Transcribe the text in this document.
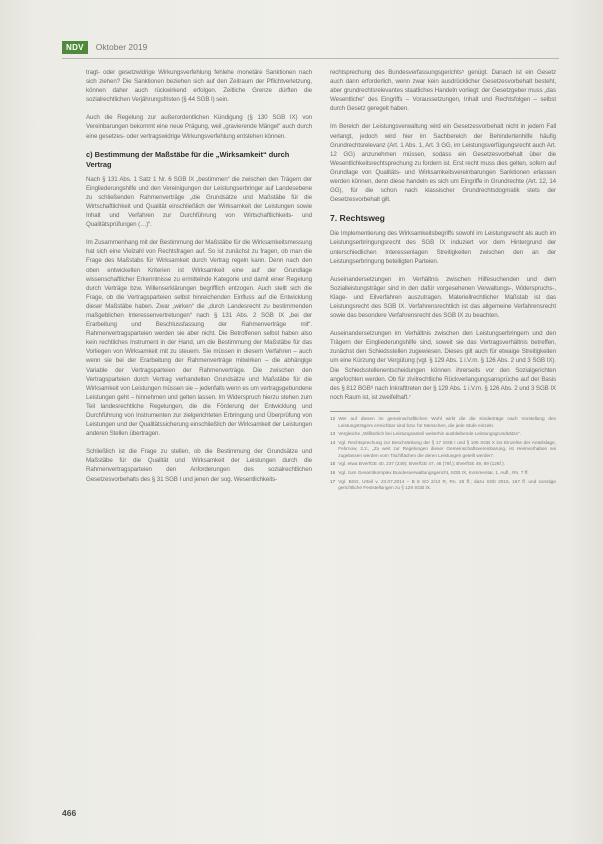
NDV	Oktober 2019

tragt- oder gesetzwidrige Wirkungsverfehlung fehlehe monetäre Sanktionen nach sich ziehen? Die Sanktionen beziehen sich auf den Zeitraum der Pflichtverletzung, können daher auch rückwirkend erfolgen. Zeitliche Grenze dürften die sozialrechtlichen Verjährungsfristen (§ 44 SGB I) sein.

Auch die Regelung zur außerordentlichen Kündigung (§ 130 SGB IX) von Vereinbarungen bekommt eine neue Prägung, weil „gravierende Mängel“ auch durch eine gesetzes- oder vertragswidrige Wirkungsverfehlung entstehen können.

c) Bestimmung der Maßstäbe für die „Wirksamkeit“ durch Vertrag

Nach § 131 Abs. 1 Satz 1 Nr. 6 SGB IX „bestimmen“ die zwischen den Trägern der Eingliederungshilfe und den Vereinigungen der Leistungserbringer auf Landesebene zu schließenden Rahmenverträge „die Grundsätze und Maßstäbe für die Wirtschaftlichkeit und Qualität einschließlich der Wirksamkeit der Leistungen sowie Inhalt und Verfahren zur Durchführung von Wirtschaftlichkeits- und Qualitätsprüfungen (…)“.

Im Zusammenhang mit der Bestimmung der Maßstäbe für die Wirksamkeitsmessung hat sich eine Vielzahl von Rechtsfragen auf. So ist zunächst zu fragen, ob man die Frage des Maßstabs für Wirksamkeit durch Vertrag regeln kann. Denn nach den oben entwickelten Kriterien ist Wirksamkeit eine auf der Grundlage wissenschaftlicher Erkenntnisse zu ermittelnde Kategorie und damit einer Regelung durch Verträge bzw. Willenserklärungen begrifflich entzogen. Auch stellt sich die Frage, ob die Vertragsparteien selbst hinreichenden Einfluss auf die Entwicklung dieser Maßstäbe haben. Zwar „wirken“ die „durch Landesrecht zu bestimmenden maßgeblichen Interessenvertretungen“ nach § 131 Abs. 2 SGB IX „bei der Erarbeitung und Beschlussfassung der Rahmenverträge mit“. Rahmenvertragsparteien werden sie aber nicht. Die Betroffenen selbst haben also kein rechtliches Instrument in der Hand, um die Bestimmung der Maßstäbe für das Vorliegen von Wirksamkeit mit zu steuern. Sie müssen in diesem Verfahren – auch wenn sie bei der Erarbeitung der Rahmenverträge mitwirken – die abhängige Variable der Vertragsparteien der Rahmenverträge. Die zwischen den Vertragsparteien durch Vertrag verhandelten Grundsätze und Maßstäbe für die Wirksamkeit von Leistungen müssen sie – jedenfalls wenn es um vertragsgebundene Leistungen geht – hinnehmen und gelten lassen. Im Widerspruch hierzu stehen zum Teil landesrechtliche Regelungen, die die Förderung der Entwicklung und Durchführung von Instrumenten zur zielgerichteten Erbringung und Überprüfung von Leistungen und der Qualitätssicherung einschließlich der Wirksamkeit der Leistungen anderen Stellen übertragen.

Schließlich ist die Frage zu stellen, ob die Bestimmung der Grundsätze und Maßstäbe für die Qualität und Wirksamkeit der Leistungen durch die Rahmenvertragsparteien den Anforderungen des sozialrechtlichen Gesetzesvorbehalts des § 31 SGB I und jenen der sog. Wesentlichkeits-

rechtsprechung des Bundesverfassungsgerichts⁵ genügt. Danach ist ein Gesetz auch dann erforderlich, wenn zwar kein ausdrücklicher Gesetzesvorbehalt besteht, aber grundrechtsrelevantes staatliches Handeln vorliegt: der Gesetzgeber muss „das Wesentliche“ des Eingriffs – Voraussetzungen, Inhalt und Rechtsfolgen – selbst durch Gesetz geregelt haben.

Im Bereich der Leistungsverwaltung wird ein Gesetzesvorbehalt nicht in jedem Fall verlangt, jedoch wird hier im Sachbereich der Behindertenhilfe häufig Grundrechtsrelevanz (Art. 1 Abs. 1, Art. 3 GG, im Leistungsverfügungsrecht auch Art. 12 GG) anzunehmen müssen, sodass ein Gesetzesvorbehalt über die Wesentlichkeitsrechtsprechung zu fordern ist. Erst recht muss dies gelten, sofern auf Grundlage von Qualitäts- und Wirksamkeitsvereinbarungen Sanktionen erlassen werden können, denn diese handeln es sich um Eingriffe in Grundrechte (Art. 12, 14 GG), für die schon nach klassischer Grundrechtsdogmatik stets der Gesetzesvorbehalt gilt.

7. Rechtsweg

Die Implementierung des Wirksamkeitsbegriffs sowohl im Leistungsrecht als auch im Leistungserbringungsrecht des SGB IX induziert vor dem Hintergrund der unterschiedlichen Interessenlagen Streitigkeiten zwischen den an der Leistungserbringung beteiligten Parteien.

Auseinandersetzungen im Verhältnis zwischen Hilfesuchenden und dem Sozialleistungsträger sind in den dafür vorgesehenen Verwaltungs-, Widerspruchs-, Klage- und Eilverfahren auszutragen. Materiellrechtlicher Maßstab ist das Leistungsrecht des SGB IX. Verfahrensrechtlich ist das allgemeine Verfahrensrecht sowie das besondere Verfahrensrecht des SGB IX zu beachten.

Auseinandersetzungen im Verhältnis zwischen den Leistungserbringern und den Trägern der Eingliederungshilfe sind, soweit sie das Vertragsverhältnis betreffen, zunächst den Schiedsstellen zugewiesen. Dieses gilt auch für etwaige Streitigkeiten um eine Kürzung der Vergütung (vgl. § 129 Abs. 1 i.V.m. § 126 Abs. 2 und 3 SGB IX). Die Schiedsstellenentscheidungen können ihrerseits vor den Sozialgerichten angefochten werden. Ob für zivilrechtliche Rückverlangungsansprüche auf der Basis des § 812 BGB⁶ nach Inkrafttreten der § 129 Abs. 1 i.V.m. § 126 Abs. 2 und 3 SGB IX noch Raum ist, ist zweifelhaft.⁷

12 Wer auf diesen im gemeinschaftlichen Wohl wirkt die die Kinderträge nach Vorstellung des Leistungsträgers erreichbar sind bzw. für Menschen, die jede Stufe einzeln.
13 Vergleiche „Willkürlich bei Leistungsanteil weiterhin ausbleibende Leistungsgrundsätze“.
14 Vgl. Rechtsprechung zur Beschränkung der § 17 SGB I und § 106 SGB X ins Einzelne der Anteilslage, Fehrnow, 2.2., „Zu weit zur Regelungen dieser Gemeinschaftsvereinbarung, ist Heimvorhaben sei zugelassen werden vom Tischflächen die deren Leistungen geteilt werden“.
15 Vgl. etwa BVerfGE 40, 237 (249); BVerfGE 47, 46 (78f.); BVerfGE 49, 89 (126f.).
16 Vgl. zum Gesamtkomplex Bundesverwaltungsgericht, SGB IX, Kommentar, 1. Aufl., Rn. 7 ff.
17 Vgl. BSG, Urteil v. 23.07.2014 – B 8 SO 2/13 R, Rn. 25 ff.; dazu SGb 2015, 167 ff. und sonstige gerichtliche Feststellungen zu § 129 SGB IX.
466
